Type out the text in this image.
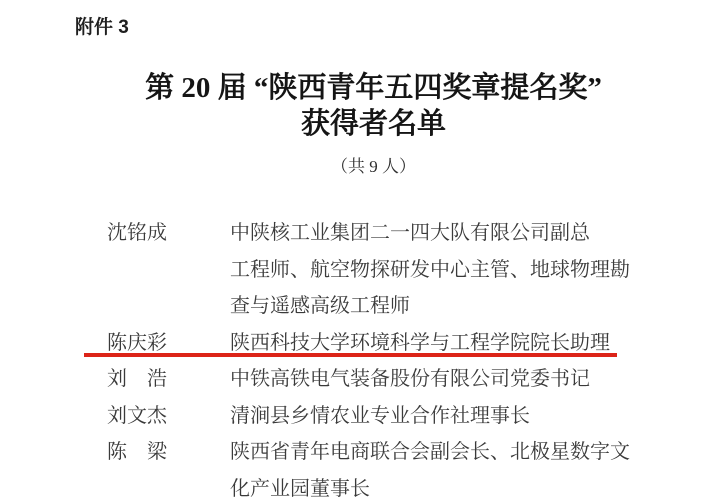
附件 3
第 20 届 “陕西青年五四奖章提名奖”
获得者名单
（共 9 人）
沈铭成	中陕核工业集团二一四大队有限公司副总
工程师、航空物探研发中心主管、地球物理勘
查与遥感高级工程师
陈庆彩	陕西科技大学环境科学与工程学院院长助理
刘　浩	中铁高铁电气装备股份有限公司党委书记
刘文杰	清涧县乡情农业专业合作社理事长
陈　梁	陕西省青年电商联合会副会长、北极星数字文
化产业园董事长
